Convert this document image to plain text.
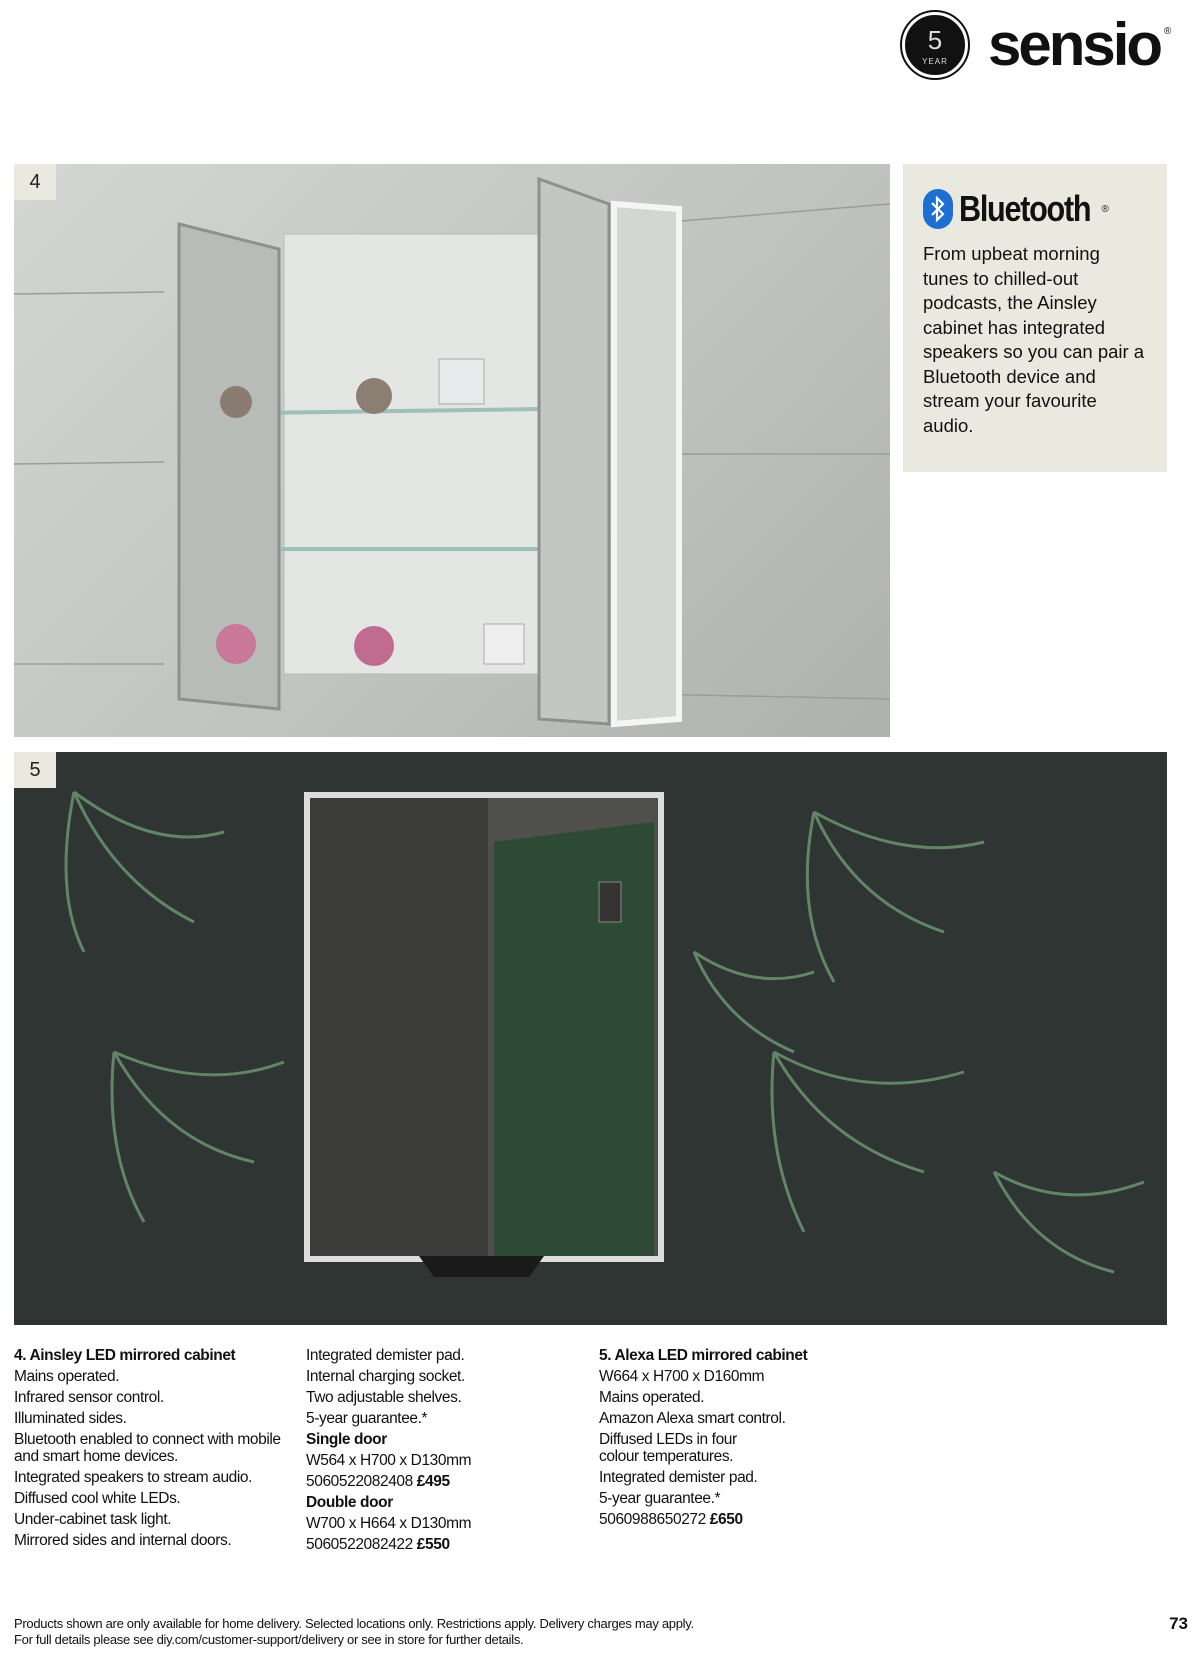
5
YEAR sensio ®
4
Bluetooth ®

From upbeat morning tunes to chilled-out podcasts, the Ainsley cabinet has integrated speakers so you can pair a Bluetooth device and stream your favourite audio.

5
4. Ainsley LED mirrored cabinet
Mains operated.
Infrared sensor control.
Illuminated sides.
Bluetooth enabled to connect with mobile and smart home devices.
Integrated speakers to stream audio.
Diffused cool white LEDs.
Under-cabinet task light.
Mirrored sides and internal doors.
Integrated demister pad.
Internal charging socket.
Two adjustable shelves.
5-year guarantee.*
Single door
W564 x H700 x D130mm
5060522082408 £495
Double door
W700 x H664 x D130mm
5060522082422 £550
5. Alexa LED mirrored cabinet
W664 x H700 x D160mm
Mains operated.
Amazon Alexa smart control.
Diffused LEDs in four colour temperatures.
Integrated demister pad.
5-year guarantee.*
5060988650272 £650
Products shown are only available for home delivery. Selected locations only. Restrictions apply. Delivery charges may apply.
For full details please see diy.com/customer-support/delivery or see in store for further details.
73
